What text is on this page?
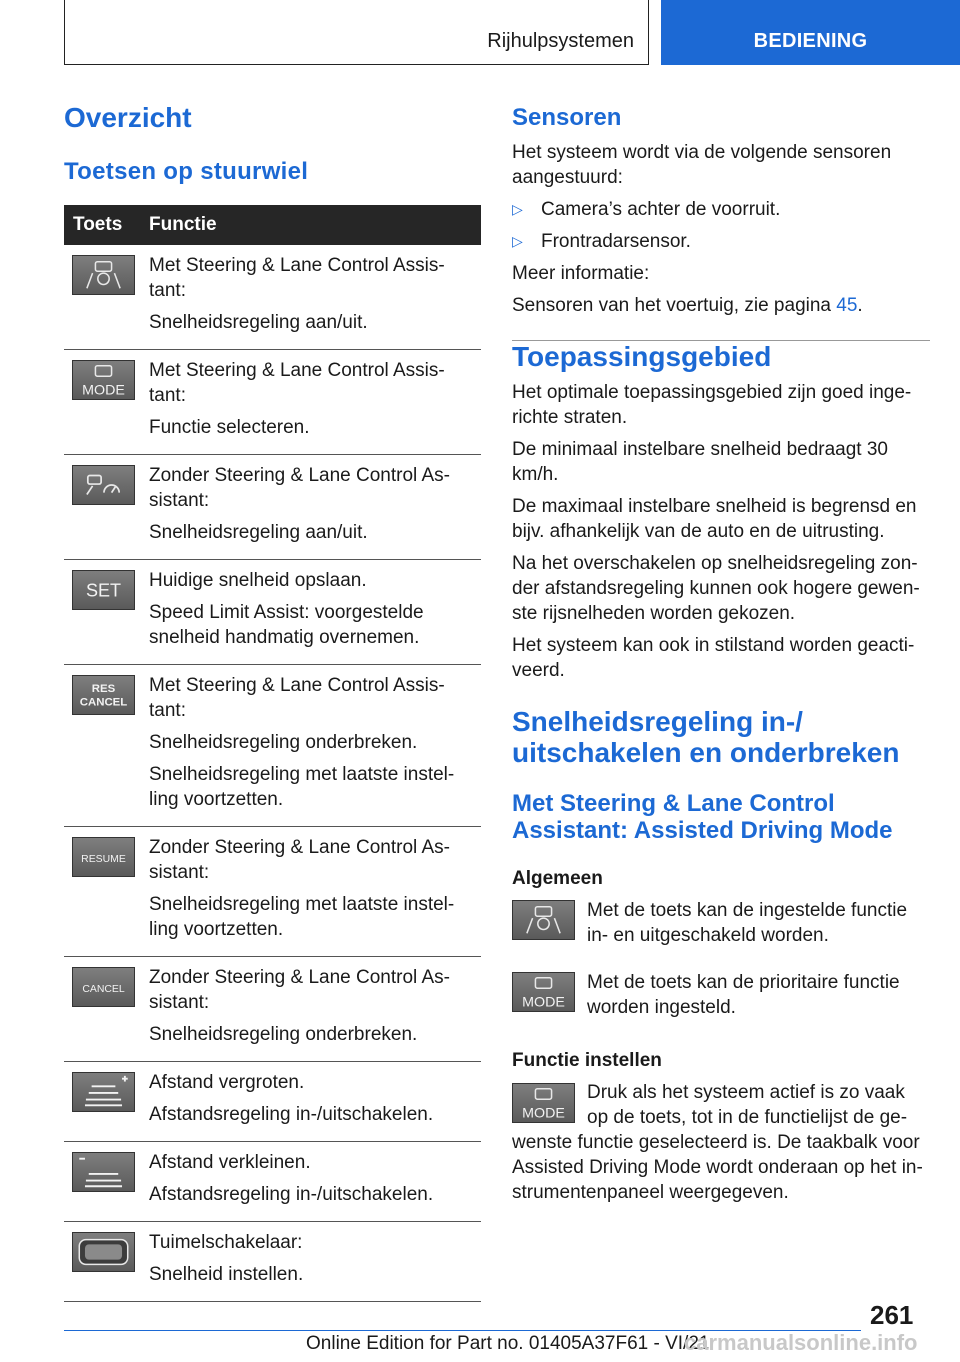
Rijhulpsystemen	BEDIENING
Overzicht
Toetsen op stuurwiel
Toets Functie

Met Steering & Lane Control Assis-tant:

Snelheidsregeling aan/uit.

MODE

Met Steering & Lane Control Assis-tant:

Functie selecteren.

Zonder Steering & Lane Control As-sistant:

Snelheidsregeling aan/uit.

SET Huidige snelheid opslaan.

Speed Limit Assist: voorgestelde snelheid handmatig overnemen.

RES
CANCEL

Met Steering & Lane Control Assis-tant:

Snelheidsregeling onderbreken.

Snelheidsregeling met laatste instel-ling voortzetten.

RESUME

Zonder Steering & Lane Control As-sistant:

Snelheidsregeling met laatste instel-ling voortzetten.

CANCEL

Zonder Steering & Lane Control As-sistant:

Snelheidsregeling onderbreken.

Afstand vergroten.

Afstandsregeling in-/uitschakelen.

Afstand verkleinen.

Afstandsregeling in-/uitschakelen.

Tuimelschakelaar:

Snelheid instellen.

Sensoren

Het systeem wordt via de volgende sensoren aangestuurd:

▷ Camera’s achter de voorruit.

▷ Frontradarsensor.

Meer informatie:

Sensoren van het voertuig, zie pagina 45.

Toepassingsgebied

Het optimale toepassingsgebied zijn goed inge-richte straten.

De minimaal instelbare snelheid bedraagt 30 km/h.

De maximaal instelbare snelheid is begrensd en bijv. afhankelijk van de auto en de uitrusting.

Na het overschakelen op snelheidsregeling zon-der afstandsregeling kunnen ook hogere gewen-ste rijsnelheden worden gekozen.

Het systeem kan ook in stilstand worden geacti-veerd.

Snelheidsregeling in-/
uitschakelen en onderbreken
Met Steering & Lane Control
Assistant: Assisted Driving Mode

Algemeen

Met de toets kan de ingestelde functie in- en uitgeschakeld worden.
MODE
Met de toets kan de prioritaire functie worden ingesteld.

Functie instellen

MODE
Druk als het systeem actief is zo vaak op de toets, tot in de functielijst de ge-wenste functie geselecteerd is. De taakbalk voor Assisted Driving Mode wordt onderaan op het in-strumentenpaneel weergegeven.
261
Online Edition for Part no. 01405A37F61 - VI/21
carmanualsonline.info
